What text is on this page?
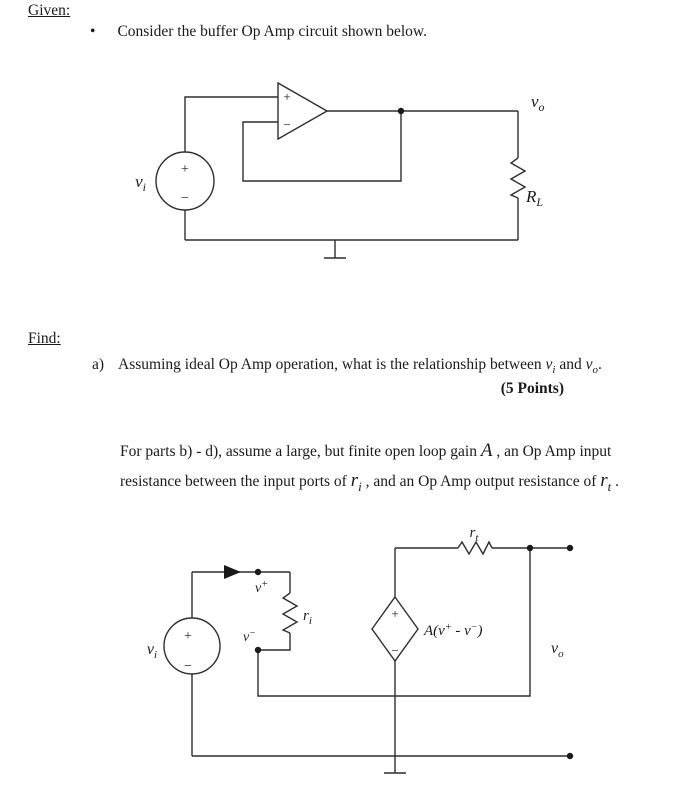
Given:
• Consider the buffer Op Amp circuit shown below.
+
−
$v_i$
+
−
$v_o$
$R_L$
+
−
$v_i$
v+
v−
$r_i$
$r_t$
+
−
A(v+ - v−)
$v_o$
Find:
a) Assuming ideal Op Amp operation, what is the relationship between $v_i$ and $v_o$.
(5 Points)
For parts b) - d), assume a large, but finite open loop gain A , an Op Amp input
resistance between the input ports of $r_i$ , and an Op Amp output resistance of $r_t$ .
